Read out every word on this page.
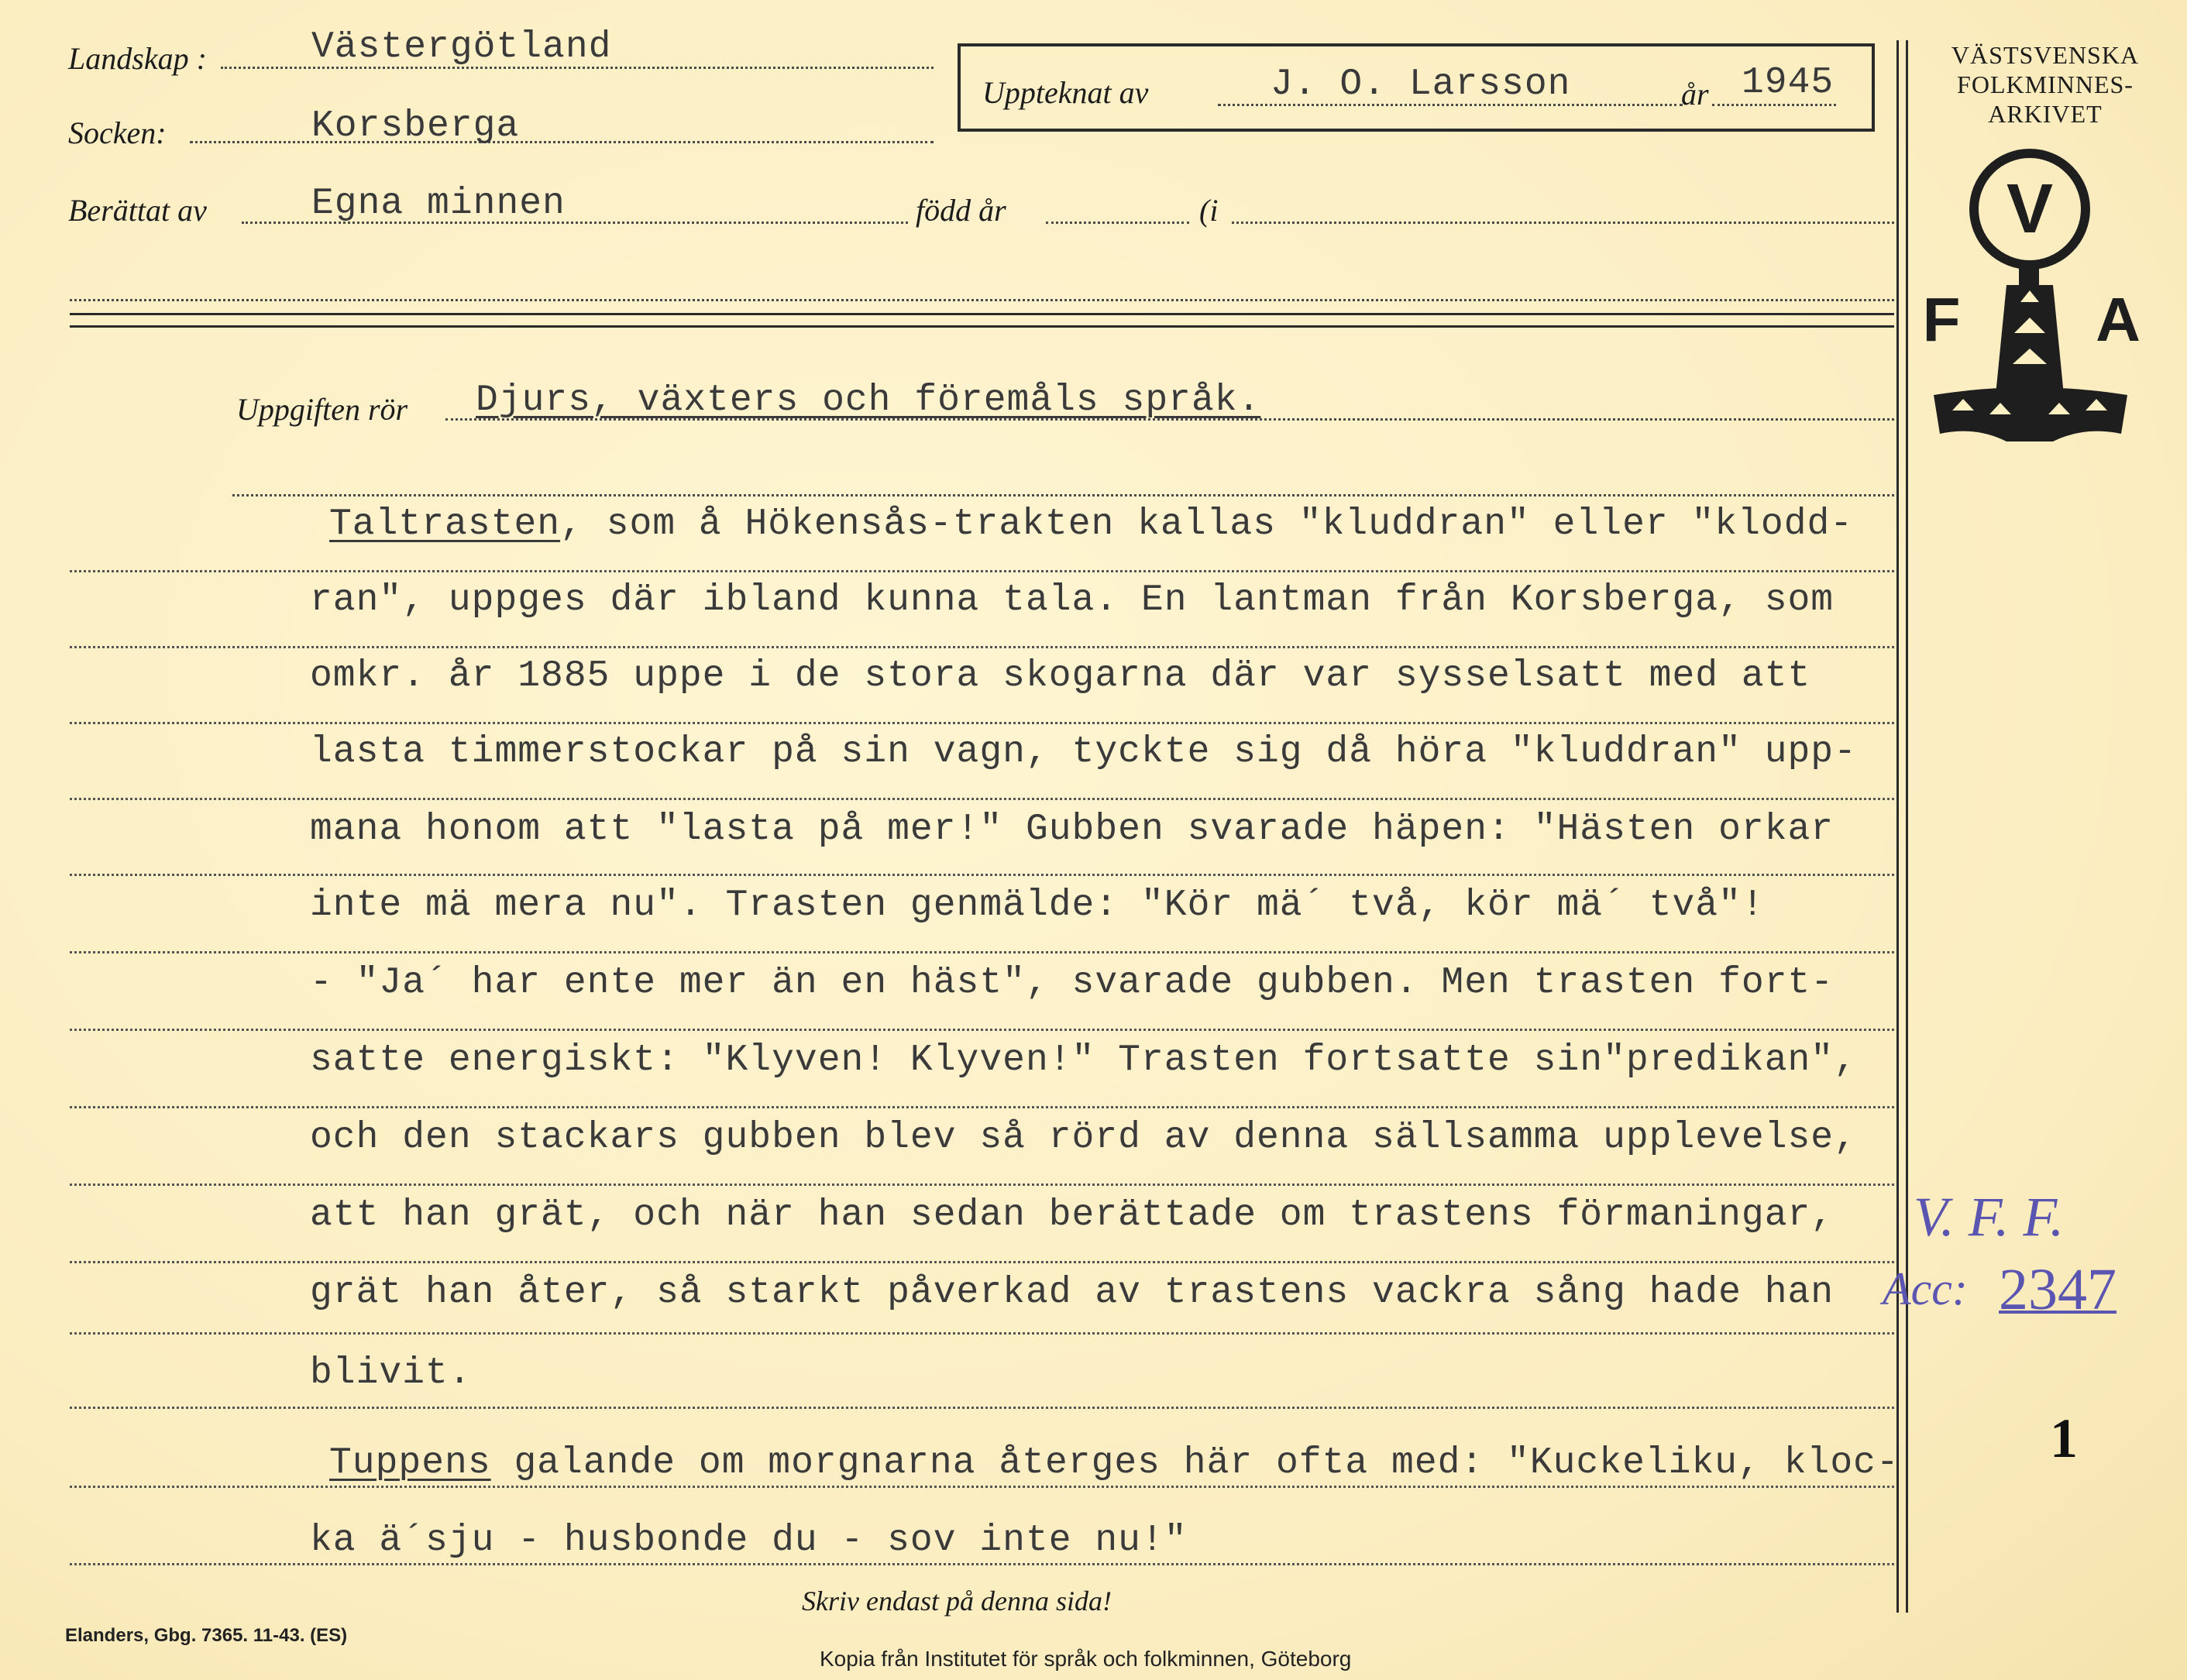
Landskap :	Västergötland
Socken:	Korsberga
Uppteknat av	J. O. Larsson	år 1945
Berättat av	Egna minnen	född år	(i
VÄSTSVENSKA
FOLKMINNES-
ARKIVET
V
F A
Uppgiften rör Djurs, växters och föremåls språk.
Taltrasten, som å Hökensås-trakten kallas "kluddran" eller "klodd-
ran", uppges där ibland kunna tala. En lantman från Korsberga, som
omkr. år 1885 uppe i de stora skogarna där var sysselsatt med att
lasta timmerstockar på sin vagn, tyckte sig då höra "kluddran" upp-
mana honom att "lasta på mer!" Gubben svarade häpen: "Hästen orkar
inte mä mera nu". Trasten genmälde: "Kör mä´ två, kör mä´ två"!
- "Ja´ har ente mer än en häst", svarade gubben. Men trasten fort-
satte energiskt: "Klyven! Klyven!" Trasten fortsatte sin"predikan",
och den stackars gubben blev så rörd av denna sällsamma upplevelse,
att han grät, och när han sedan berättade om trastens förmaningar,
grät han åter, så starkt påverkad av trastens vackra sång hade han
blivit.
Tuppens galande om morgnarna återges här ofta med: "Kuckeliku, kloc-
ka ä´sju - husbonde du - sov inte nu!"
Skriv endast på denna sida!
V. F. F.
Acc: 2347
1
Elanders, Gbg. 7365. 11-43. (ES)
Kopia från Institutet för språk och folkminnen, Göteborg
